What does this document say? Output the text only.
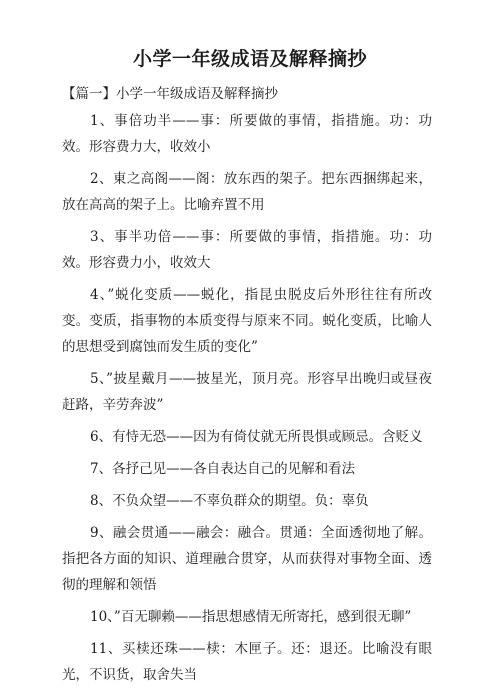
小学一年级成语及解释摘抄
【篇一】小学一年级成语及解释摘抄
1、事倍功半——事：所要做的事情，指措施。功：功效。形容费力大，收效小
2、東之高阁——阁：放东西的架子。把东西捆绑起来，放在高高的架子上。比喻弃置不用
3、事半功倍——事：所要做的事情，指措施。功：功效。形容费力小，收效大
4、”蜕化变质——蜕化，指昆虫脱皮后外形往往有所改变。变质，指事物的本质变得与原来不同。蜕化变质，比喻人的思想受到腐蚀而发生质的变化”
5、”披星戴月——披星光，顶月亮。形容早出晚归或昼夜赶路，辛劳奔波”
6、有恃无恐——因为有倚仗就无所畏惧或顾忌。含贬义
7、各抒己见——各自表达自己的见解和看法
8、不负众望——不辜负群众的期望。负：辜负
9、融会贯通——融会：融合。贯通：全面透彻地了解。指把各方面的知识、道理融合贯穿，从而获得对事物全面、透彻的理解和领悟
10、”百无聊赖——指思想感情无所寄托，感到很无聊”
11、买椟还珠——椟：木匣子。还：退还。比喻没有眼光，不识货，取舍失当
